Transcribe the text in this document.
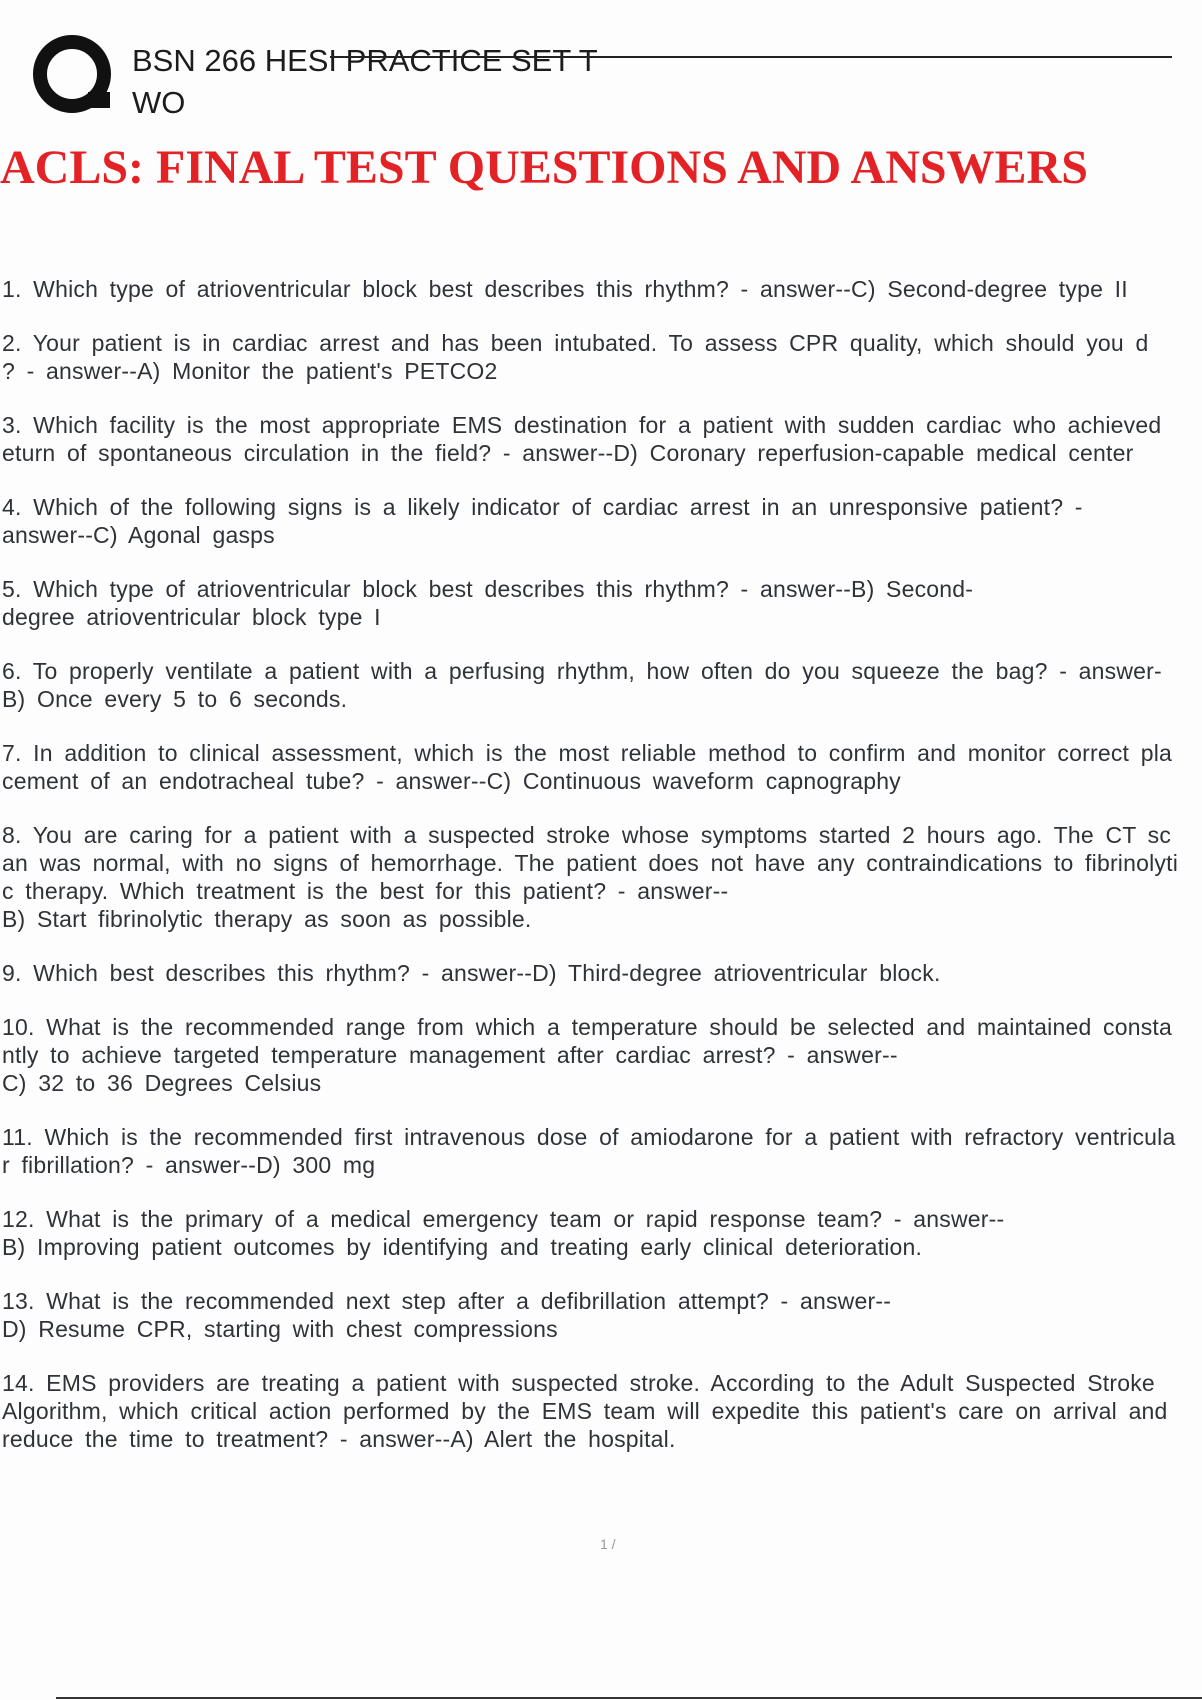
BSN 266 HESI PRACTICE SET T
WO
ACLS: FINAL TEST QUESTIONS AND ANSWERS
1. Which type of atrioventricular block best describes this rhythm? - answer--C) Second-degree type II
2. Your patient is in cardiac arrest and has been intubated. To assess CPR quality, which should you d
? - answer--A) Monitor the patient's PETCO2
3. Which facility is the most appropriate EMS destination for a patient with sudden cardiac who achieved
eturn of spontaneous circulation in the field? - answer--D) Coronary reperfusion-capable medical center
4. Which of the following signs is a likely indicator of cardiac arrest in an unresponsive patient? -
answer--C) Agonal gasps
5. Which type of atrioventricular block best describes this rhythm? - answer--B) Second-
degree atrioventricular block type I
6. To properly ventilate a patient with a perfusing rhythm, how often do you squeeze the bag? - answer-
B) Once every 5 to 6 seconds.
7. In addition to clinical assessment, which is the most reliable method to confirm and monitor correct pla
cement of an endotracheal tube? - answer--C) Continuous waveform capnography
8. You are caring for a patient with a suspected stroke whose symptoms started 2 hours ago. The CT sc
an was normal, with no signs of hemorrhage. The patient does not have any contraindications to fibrinolyti
c therapy. Which treatment is the best for this patient? - answer--
B) Start fibrinolytic therapy as soon as possible.
9. Which best describes this rhythm? - answer--D) Third-degree atrioventricular block.
10. What is the recommended range from which a temperature should be selected and maintained consta
ntly to achieve targeted temperature management after cardiac arrest? - answer--
C) 32 to 36 Degrees Celsius
11. Which is the recommended first intravenous dose of amiodarone for a patient with refractory ventricula
r fibrillation? - answer--D) 300 mg
12. What is the primary of a medical emergency team or rapid response team? - answer--
B) Improving patient outcomes by identifying and treating early clinical deterioration.
13. What is the recommended next step after a defibrillation attempt? - answer--
D) Resume CPR, starting with chest compressions
14. EMS providers are treating a patient with suspected stroke. According to the Adult Suspected Stroke
Algorithm, which critical action performed by the EMS team will expedite this patient's care on arrival and
reduce the time to treatment? - answer--A) Alert the hospital.
1 /
